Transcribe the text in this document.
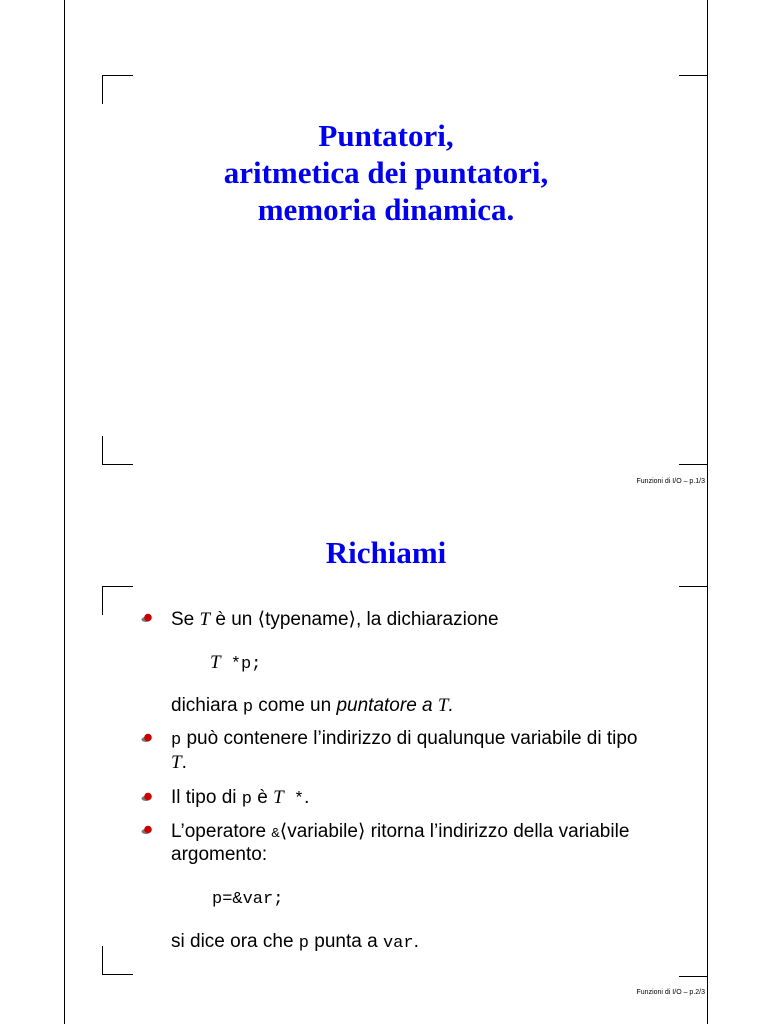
Puntatori,
aritmetica dei puntatori,
memoria dinamica.
Funzioni di I/O – p.1/3
Richiami
Se T è un ⟨typename⟩, la dichiarazione
T *p;
dichiara p come un puntatore a T.
p può contenere l’indirizzo di qualunque variabile di tipo
T.
Il tipo di p è T *.
L’operatore &⟨variabile⟩ ritorna l’indirizzo della variabile
argomento:
p=&var;
si dice ora che p punta a var.
Funzioni di I/O – p.2/3
